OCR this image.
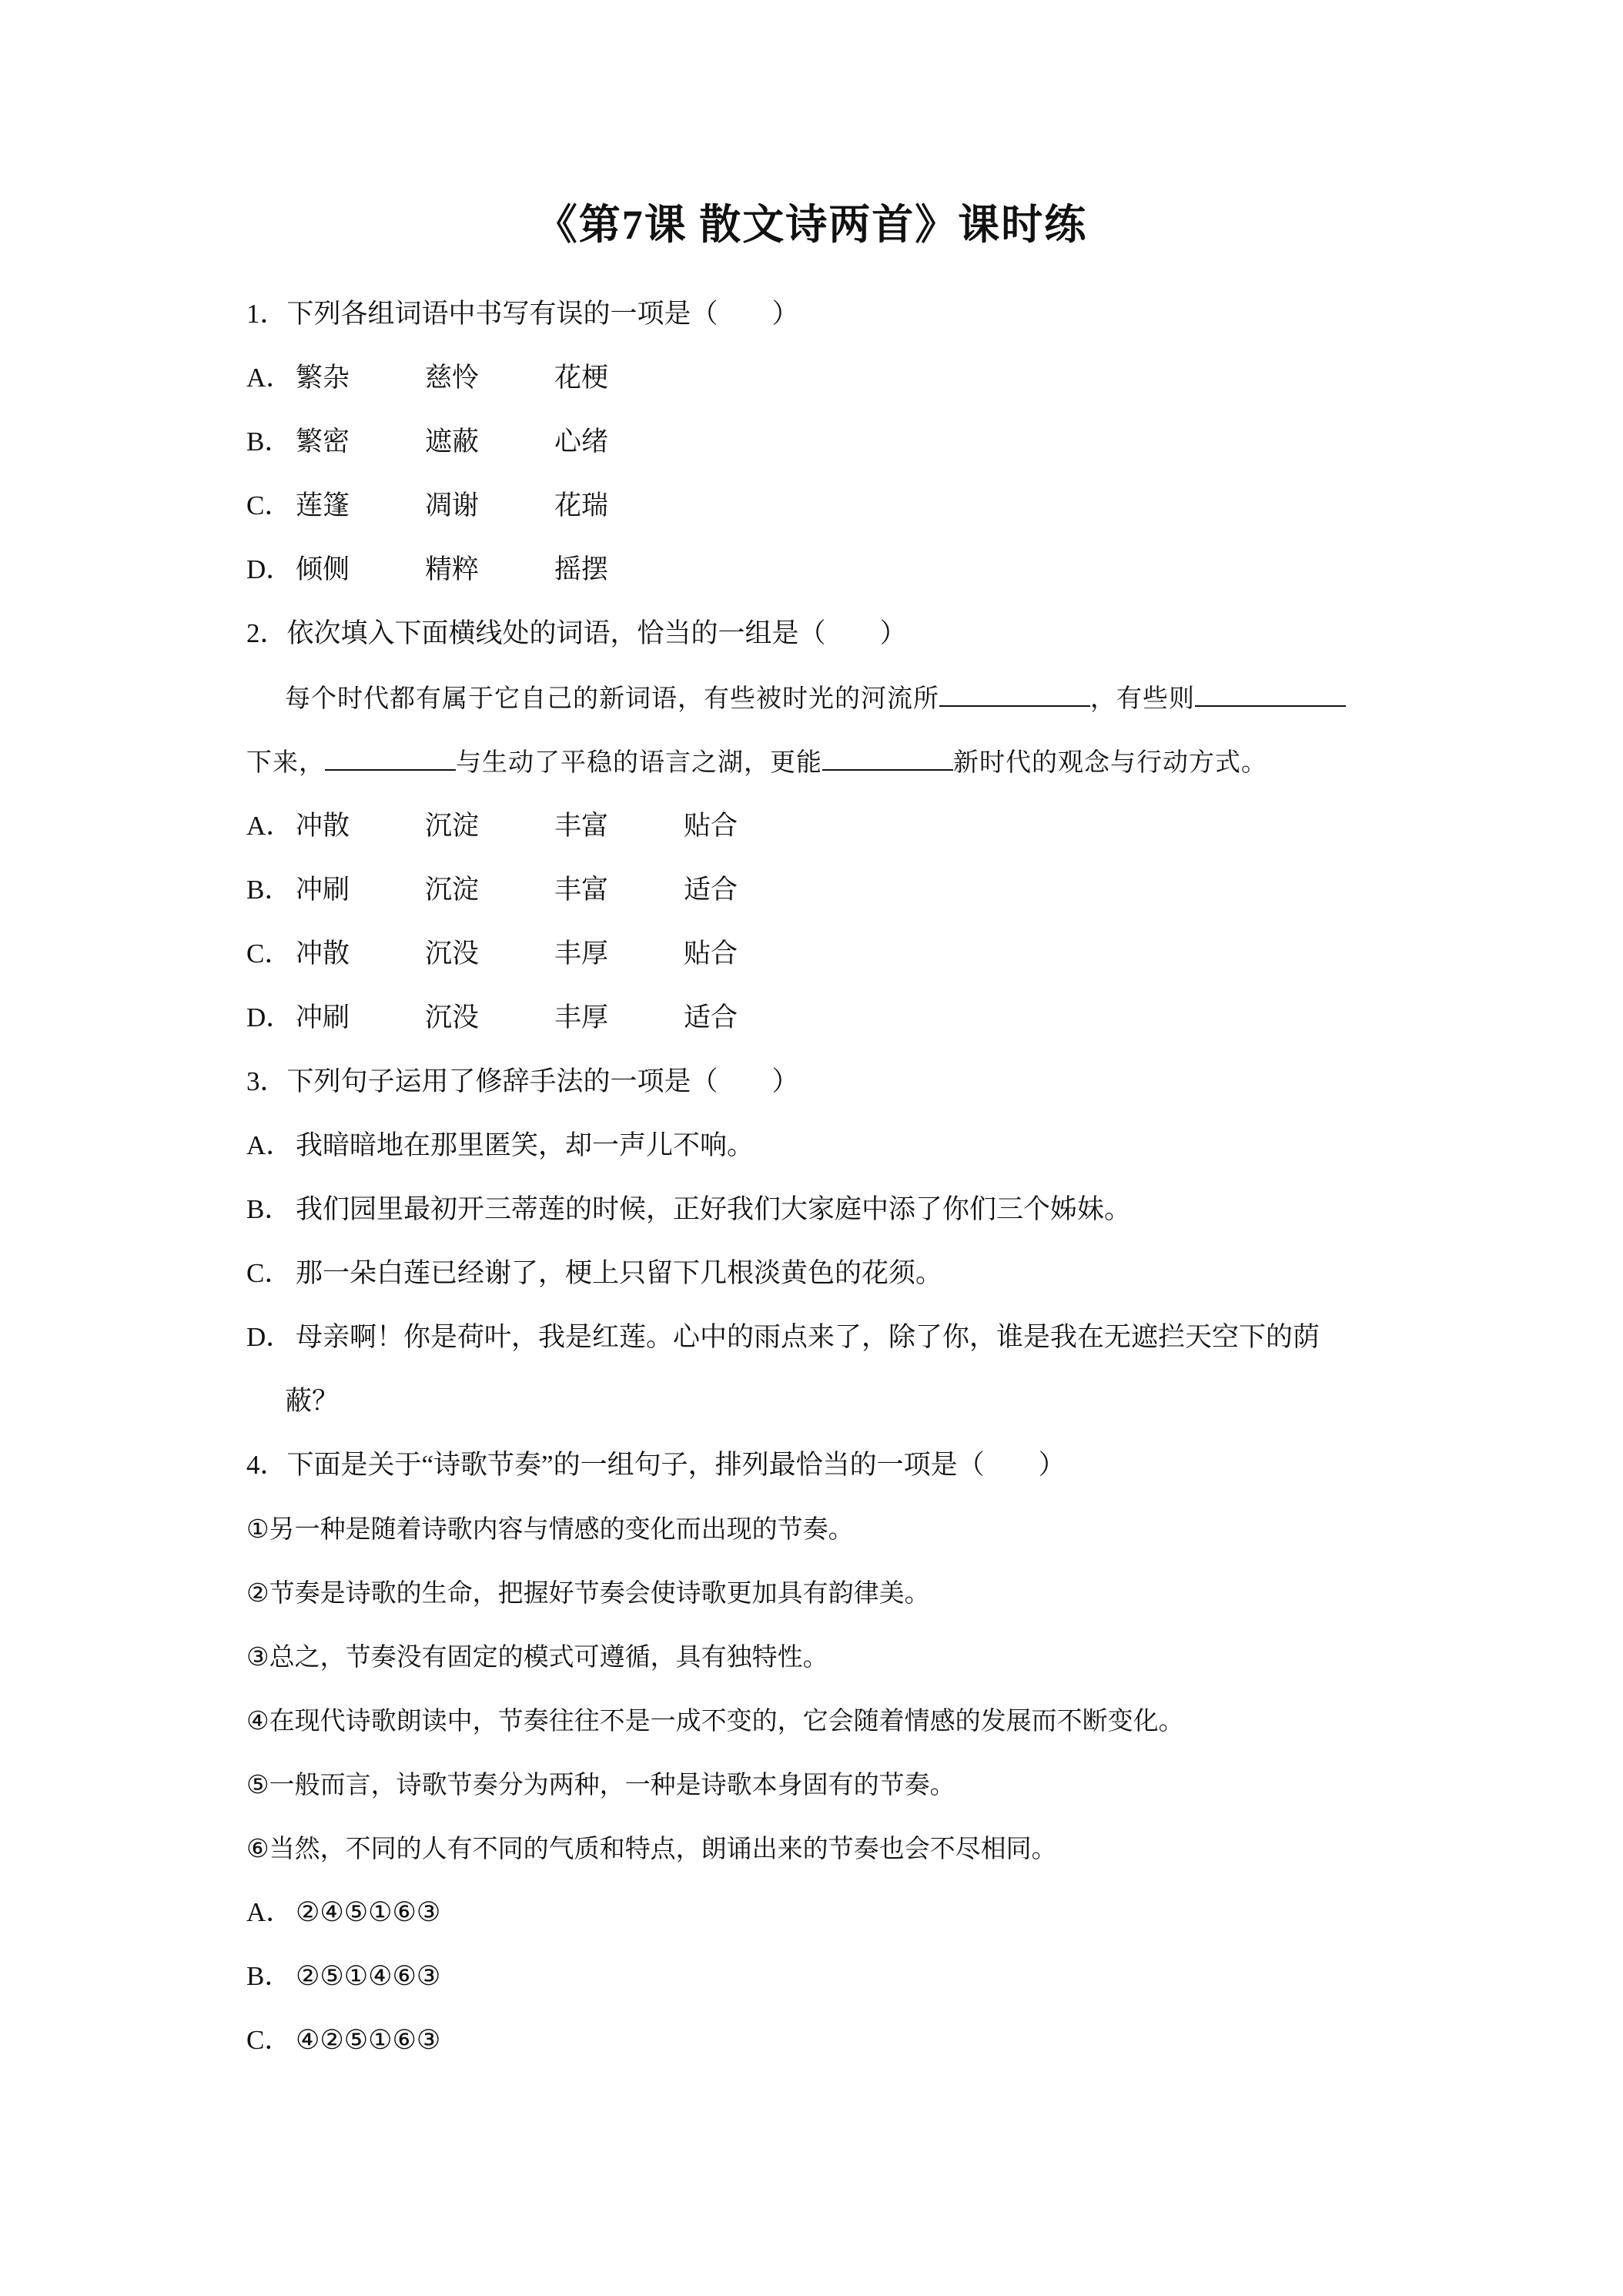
《第7课 散文诗两首》课时练
1．下列各组词语中书写有误的一项是（　　）
A． 繁杂	慈怜	花梗
B． 繁密	遮蔽	心绪
C． 莲篷	凋谢	花瑞
D． 倾侧	精粹	摇摆
2．依次填入下面横线处的词语，恰当的一组是（　　）
每个时代都有属于它自己的新词语，有些被时光的河流所	，有些则
下来，	与生动了平稳的语言之湖，更能	新时代的观念与行动方式。
A． 冲散	沉淀	丰富	贴合
B． 冲刷	沉淀	丰富	适合
C． 冲散	沉没	丰厚	贴合
D． 冲刷	沉没	丰厚	适合
3．下列句子运用了修辞手法的一项是（　　）
A． 我暗暗地在那里匿笑，却一声儿不响。
B． 我们园里最初开三蒂莲的时候，正好我们大家庭中添了你们三个姊妹。
C． 那一朵白莲已经谢了，梗上只留下几根淡黄色的花须。
D． 母亲啊！你是荷叶，我是红莲。心中的雨点来了，除了你，谁是我在无遮拦天空下的荫
蔽？
4．下面是关于“诗歌节奏”的一组句子，排列最恰当的一项是（　　）
①另一种是随着诗歌内容与情感的变化而出现的节奏。
②节奏是诗歌的生命，把握好节奏会使诗歌更加具有韵律美。
③总之，节奏没有固定的模式可遵循，具有独特性。
④在现代诗歌朗读中，节奏往往不是一成不变的，它会随着情感的发展而不断变化。
⑤一般而言，诗歌节奏分为两种，一种是诗歌本身固有的节奏。
⑥当然，不同的人有不同的气质和特点，朗诵出来的节奏也会不尽相同。
A． ②④⑤①⑥③
B． ②⑤①④⑥③
C． ④②⑤①⑥③
